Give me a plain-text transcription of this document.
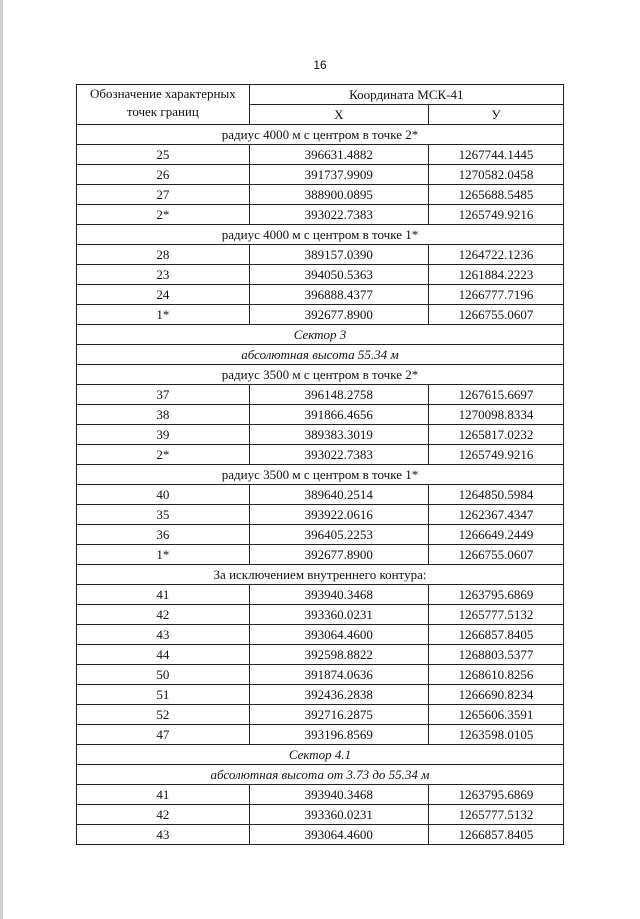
16
Обозначение характерных
точек границ	Координата МСК-41	
	X	У
радиус 4000 м с центром в точке 2*		
25	396631.4882	1267744.1445
26	391737.9909	1270582.0458
27	388900.0895	1265688.5485
2*	393022.7383	1265749.9216
радиус 4000 м с центром в точке 1*		
28	389157.0390	1264722.1236
23	394050.5363	1261884.2223
24	396888.4377	1266777.7196
1*	392677.8900	1266755.0607
Сектор 3		
абсолютная высота 55.34 м		
радиус 3500 м с центром в точке 2*		
37	396148.2758	1267615.6697
38	391866.4656	1270098.8334
39	389383.3019	1265817.0232
2*	393022.7383	1265749.9216
радиус 3500 м с центром в точке 1*		
40	389640.2514	1264850.5984
35	393922.0616	1262367.4347
36	396405.2253	1266649.2449
1*	392677.8900	1266755.0607
За исключением внутреннего контура:		
41	393940.3468	1263795.6869
42	393360.0231	1265777.5132
43	393064.4600	1266857.8405
44	392598.8822	1268803.5377
50	391874.0636	1268610.8256
51	392436.2838	1266690.8234
52	392716.2875	1265606.3591
47	393196.8569	1263598.0105
Сектор 4.1		
абсолютная высота от 3.73 до 55.34 м		
41	393940.3468	1263795.6869
42	393360.0231	1265777.5132
43	393064.4600	1266857.8405
